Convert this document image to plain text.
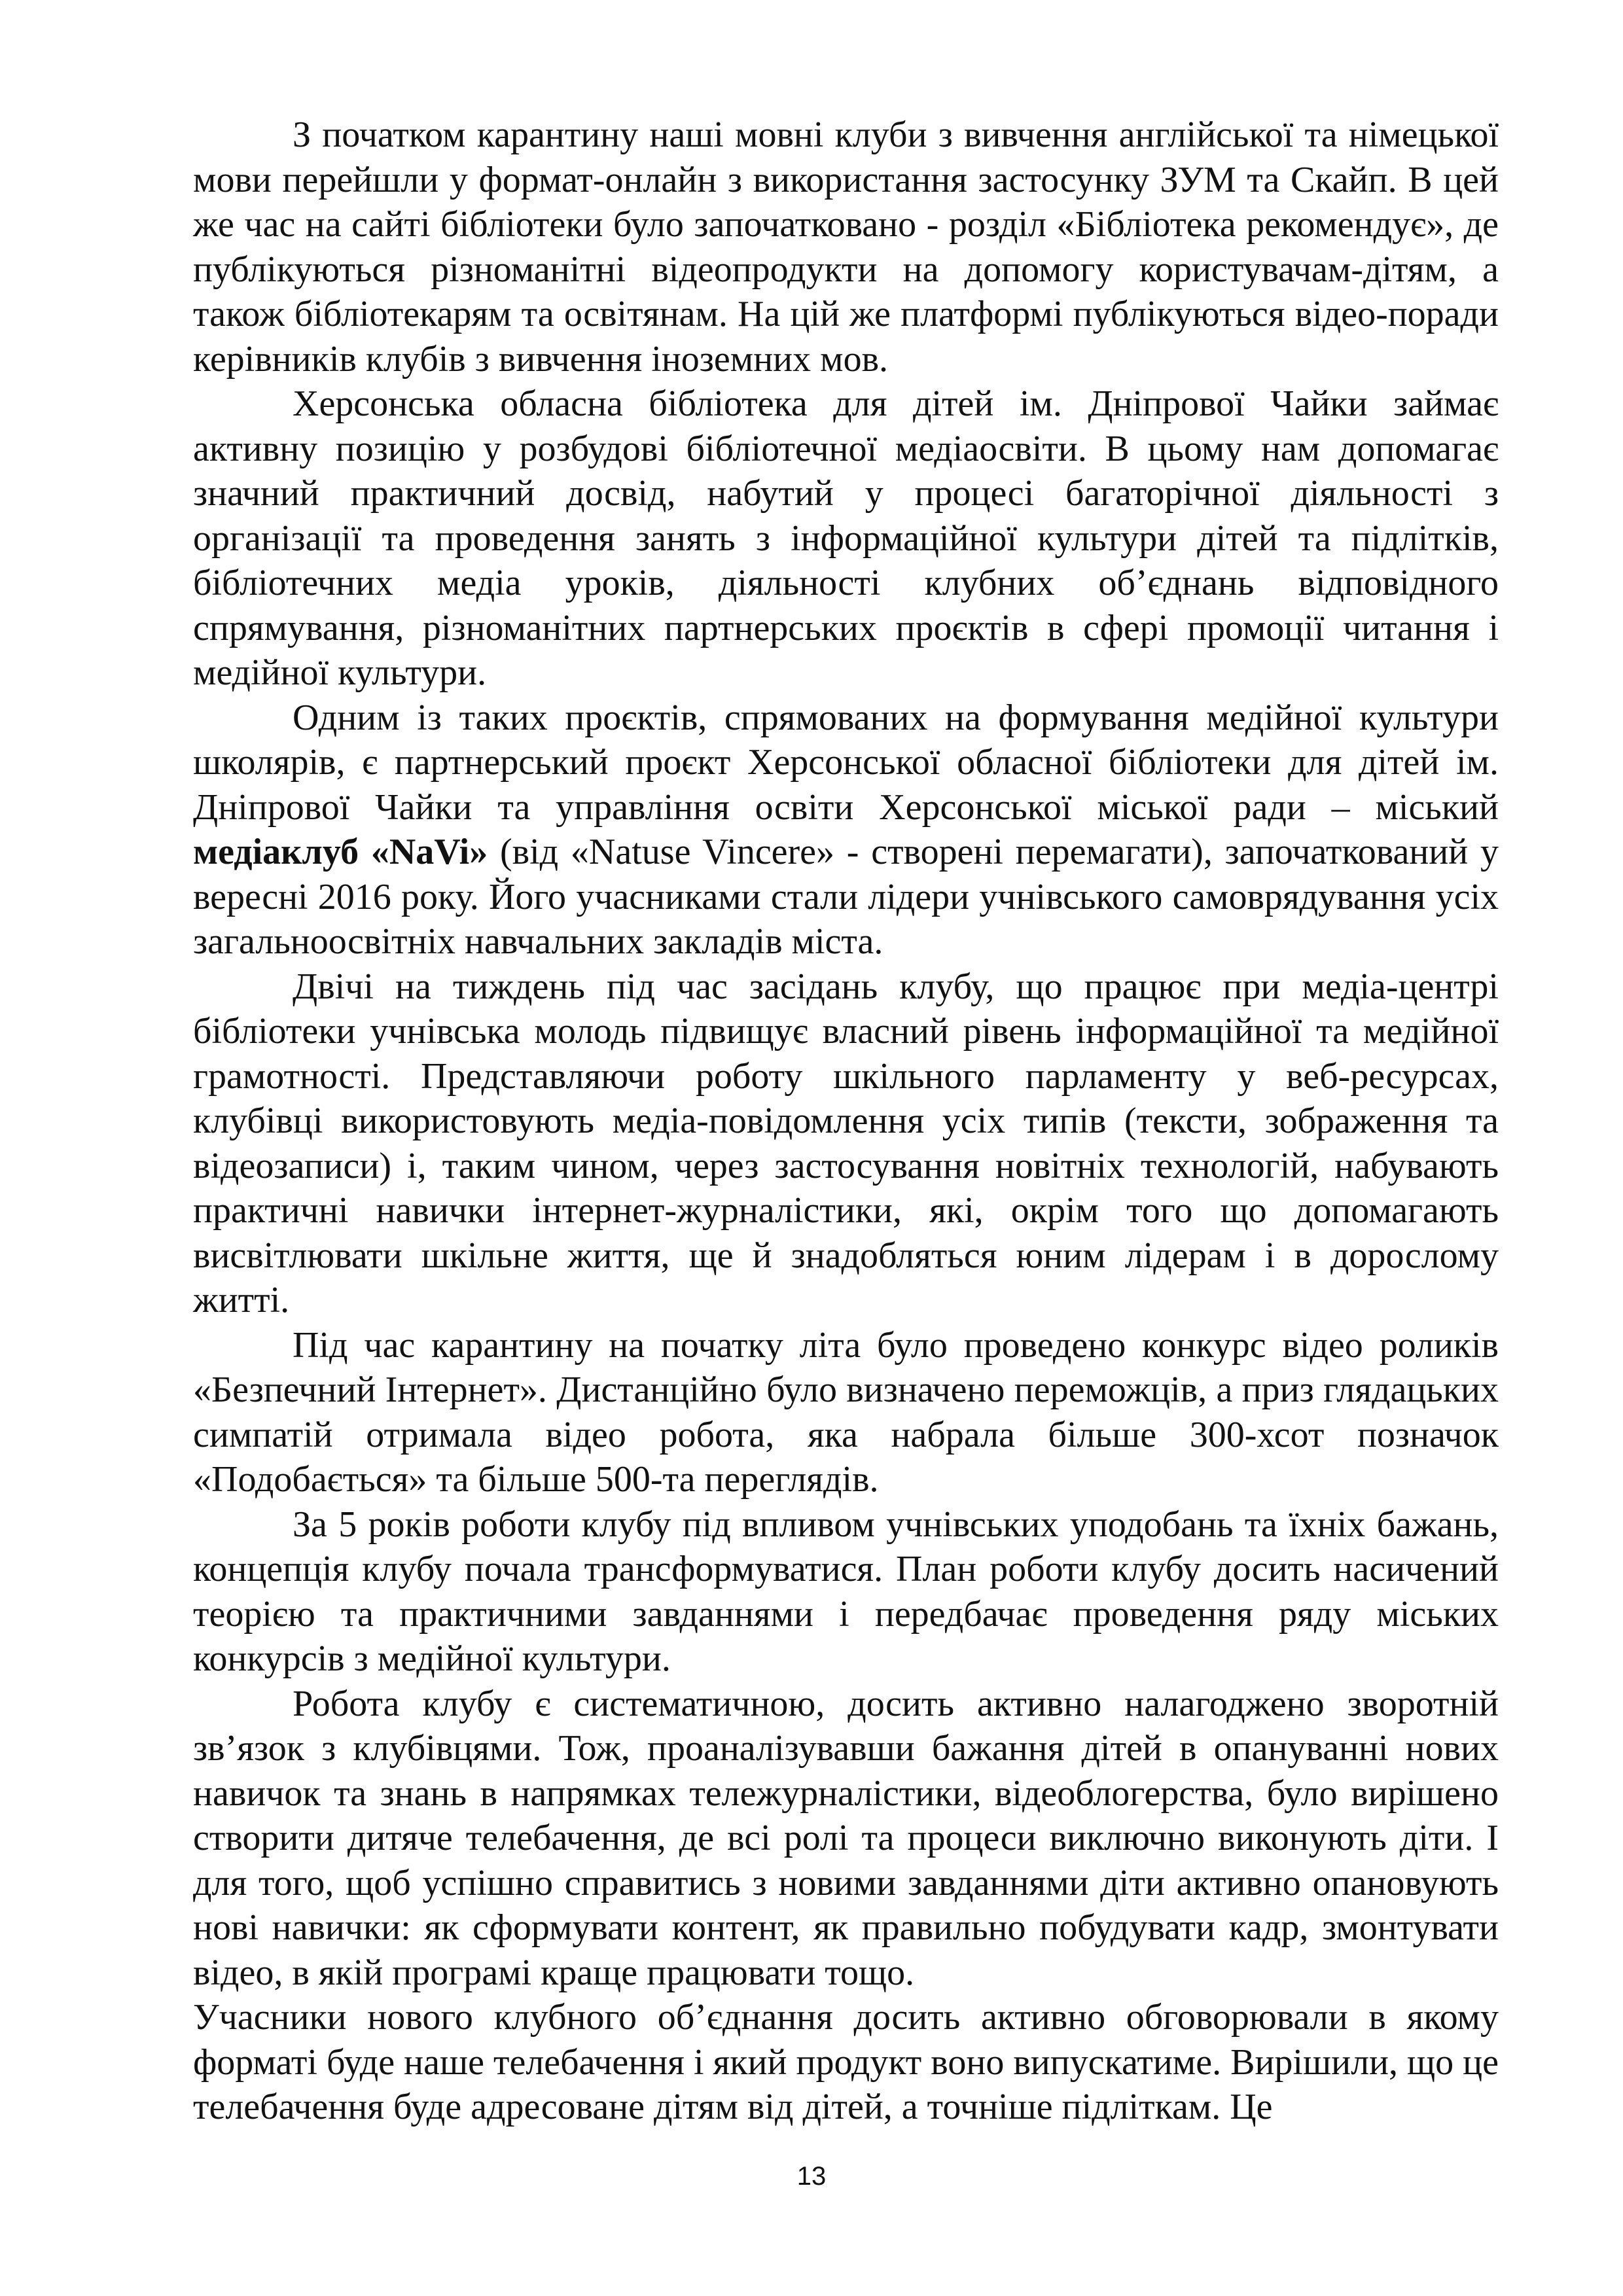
З початком карантину наші мовні клуби з вивчення англійської та німецької мови перейшли у формат-онлайн з використання застосунку ЗУМ та Скайп. В цей же час на сайті бібліотеки було започатковано - розділ «Бібліотека рекомендує», де публікуються різноманітні відеопродукти на допомогу користувачам-дітям, а також бібліотекарям та освітянам. На цій же платформі публікуються відео-поради керівників клубів з вивчення іноземних мов.

Херсонська обласна бібліотека для дітей ім. Дніпрової Чайки займає активну позицію у розбудові бібліотечної медіаосвіти. В цьому нам допомагає значний практичний досвід, набутий у процесі багаторічної діяльності з організації та проведення занять з інформаційної культури дітей та підлітків, бібліотечних медіа уроків, діяльності клубних об’єднань відповідного спрямування, різноманітних партнерських проєктів в сфері промоції читання і медійної культури.

Одним із таких проєктів, спрямованих на формування медійної культури школярів, є партнерський проєкт Херсонської обласної бібліотеки для дітей ім. Дніпрової Чайки та управління освіти Херсонської міської ради – міський медіаклуб «NaVi» (від «Natuse Vincere» - створені перемагати), започаткований у вересні 2016 року. Його учасниками стали лідери учнівського самоврядування усіх загальноосвітніх навчальних закладів міста.

Двічі на тиждень під час засідань клубу, що працює при медіа-центрі бібліотеки учнівська молодь підвищує власний рівень інформаційної та медійної грамотності. Представляючи роботу шкільного парламенту у веб-ресурсах, клубівці використовують медіа-повідомлення усіх типів (тексти, зображення та відеозаписи) і, таким чином, через застосування новітніх технологій, набувають практичні навички інтернет-журналістики, які, окрім того що допомагають висвітлювати шкільне життя, ще й знадобляться юним лідерам і в дорослому житті.

Під час карантину на початку літа було проведено конкурс відео роликів «Безпечний Інтернет». Дистанційно було визначено переможців, а приз глядацьких симпатій отримала відео робота, яка набрала більше 300-хсот позначок «Подобається» та більше 500-та переглядів.

За 5 років роботи клубу під впливом учнівських уподобань та їхніх бажань, концепція клубу почала трансформуватися. План роботи клубу досить насичений теорією та практичними завданнями і передбачає проведення ряду міських конкурсів з медійної культури.

Робота клубу є систематичною, досить активно налагоджено зворотній зв’язок з клубівцями. Тож, проаналізувавши бажання дітей в опануванні нових навичок та знань в напрямках тележурналістики, відеоблогерства, було вирішено створити дитяче телебачення, де всі ролі та процеси виключно виконують діти. І для того, щоб успішно справитись з новими завданнями діти активно опановують нові навички: як сформувати контент, як правильно побудувати кадр, змонтувати відео, в якій програмі краще працювати тощо.

Учасники нового клубного об’єднання досить активно обговорювали в якому форматі буде наше телебачення і який продукт воно випускатиме. Вирішили, що це телебачення буде адресоване дітям від дітей, а точніше підліткам. Це

13
